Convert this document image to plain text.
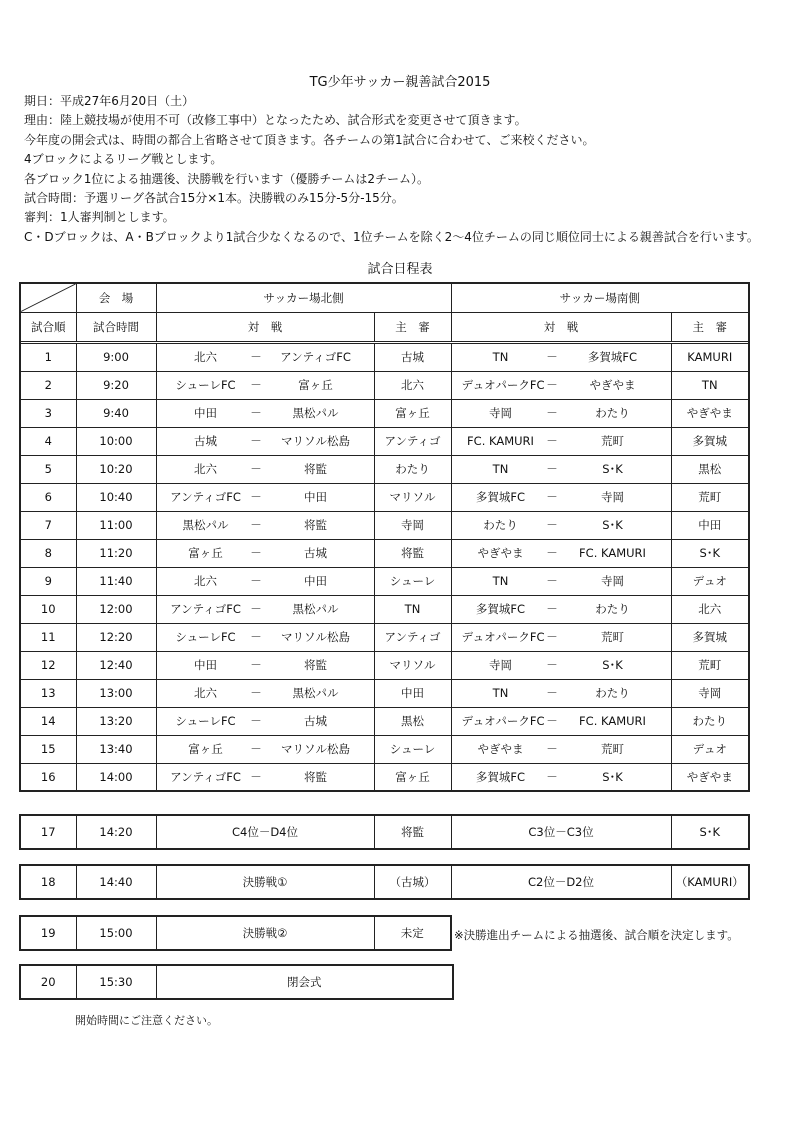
TG少年サッカー親善試合2015
期日：平成27年6月20日（土）
理由：陸上競技場が使用不可（改修工事中）となったため、試合形式を変更させて頂きます。
今年度の開会式は、時間の都合上省略させて頂きます。各チームの第1試合に合わせて、ご来校ください。
4ブロックによるリーグ戦とします。
各ブロック1位による抽選後、決勝戦を行います（優勝チームは2チーム）。
試合時間：予選リーグ各試合15分×1本。決勝戦のみ15分-5分-15分。
審判：1人審判制とします。
C・Dブロックは、A・Bブロックより1試合少なくなるので、1位チームを除く2～4位チームの同じ順位同士による親善試合を行います。
試合日程表
	会　場	サッカー場北側		サッカー場南側	
試合順	試合時間	対　戦	主　審	対　戦	主　審

1	9:00	北六 － アンティゴFC	古城	TN － 多賀城FC	KAMURI
2	9:20	シューレFC － 富ヶ丘	北六	デュオパークFC － やぎやま	TN
3	9:40	中田 － 黒松パル	富ヶ丘	寺岡 － わたり	やぎやま
4	10:00	古城 － マリソル松島	アンティゴ	FC. KAMURI － 荒町	多賀城
5	10:20	北六 － 将監	わたり	TN － S･K	黒松
6	10:40	アンティゴFC － 中田	マリソル	多賀城FC － 寺岡	荒町
7	11:00	黒松パル － 将監	寺岡	わたり － S･K	中田
8	11:20	富ヶ丘 － 古城	将監	やぎやま － FC. KAMURI	S･K
9	11:40	北六 － 中田	シューレ	TN － 寺岡	デュオ
10	12:00	アンティゴFC － 黒松パル	TN	多賀城FC － わたり	北六
11	12:20	シューレFC － マリソル松島	アンティゴ	デュオパークFC － 荒町	多賀城
12	12:40	中田 － 将監	マリソル	寺岡 － S･K	荒町
13	13:00	北六 － 黒松パル	中田	TN － わたり	寺岡
14	13:20	シューレFC － 古城	黒松	デュオパークFC － FC. KAMURI	わたり
15	13:40	富ヶ丘 － マリソル松島	シューレ	やぎやま － 荒町	デュオ
16	14:00	アンティゴFC － 将監	富ヶ丘	多賀城FC － S･K	やぎやま
17	14:20	C4位－D4位	将監	C3位－C3位	S･K
18	14:40	決勝戦①	（古城）	C2位－D2位	（KAMURI）
19	15:00	決勝戦②	未定	※決勝進出チームによる抽選後、試合順を決定します。
20	15:30	閉会式
開始時間にご注意ください。
